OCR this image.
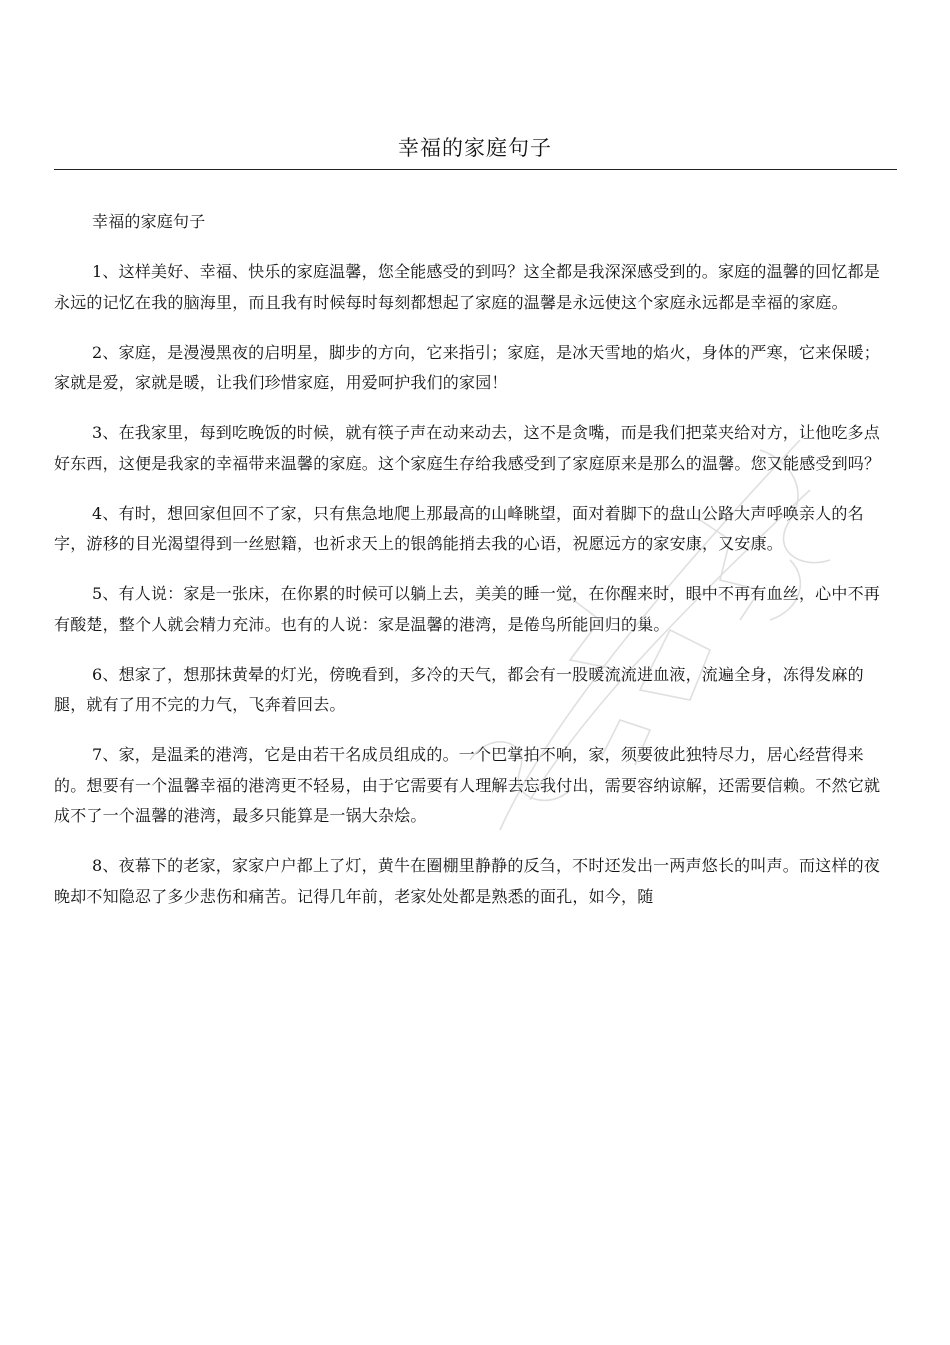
幸福的家庭句子

幸福的家庭句子

1、这样美好、幸福、快乐的家庭温馨，您全能感受的到吗？这全都是我深深感受到的。家庭的温馨的回忆都是永远的记忆在我的脑海里，而且我有时候每时每刻都想起了家庭的温馨是永远使这个家庭永远都是幸福的家庭。

2、家庭，是漫漫黑夜的启明星，脚步的方向，它来指引；家庭，是冰天雪地的焰火，身体的严寒，它来保暖；家就是爱，家就是暖，让我们珍惜家庭，用爱呵护我们的家园！

3、在我家里，每到吃晚饭的时候，就有筷子声在动来动去，这不是贪嘴，而是我们把菜夹给对方，让他吃多点好东西，这便是我家的幸福带来温馨的家庭。这个家庭生存给我感受到了家庭原来是那么的温馨。您又能感受到吗？

4、有时，想回家但回不了家，只有焦急地爬上那最高的山峰眺望，面对着脚下的盘山公路大声呼唤亲人的名字，游移的目光渴望得到一丝慰籍，也祈求天上的银鸽能捎去我的心语，祝愿远方的家安康，又安康。

5、有人说：家是一张床，在你累的时候可以躺上去，美美的睡一觉，在你醒来时，眼中不再有血丝，心中不再有酸楚，整个人就会精力充沛。也有的人说：家是温馨的港湾，是倦鸟所能回归的巢。

6、想家了，想那抹黄晕的灯光，傍晚看到，多冷的天气，都会有一股暖流流进血液，流遍全身，冻得发麻的腿，就有了用不完的力气，飞奔着回去。

7、家，是温柔的港湾，它是由若干名成员组成的。一个巴掌拍不响，家，须要彼此独特尽力，居心经营得来的。想要有一个温馨幸福的港湾更不轻易，由于它需要有人理解去忘我付出，需要容纳谅解，还需要信赖。不然它就成不了一个温馨的港湾，最多只能算是一锅大杂烩。

8、夜幕下的老家，家家户户都上了灯，黄牛在圈棚里静静的反刍，不时还发出一两声悠长的叫声。而这样的夜晚却不知隐忍了多少悲伤和痛苦。记得几年前，老家处处都是熟悉的面孔，如今，随
